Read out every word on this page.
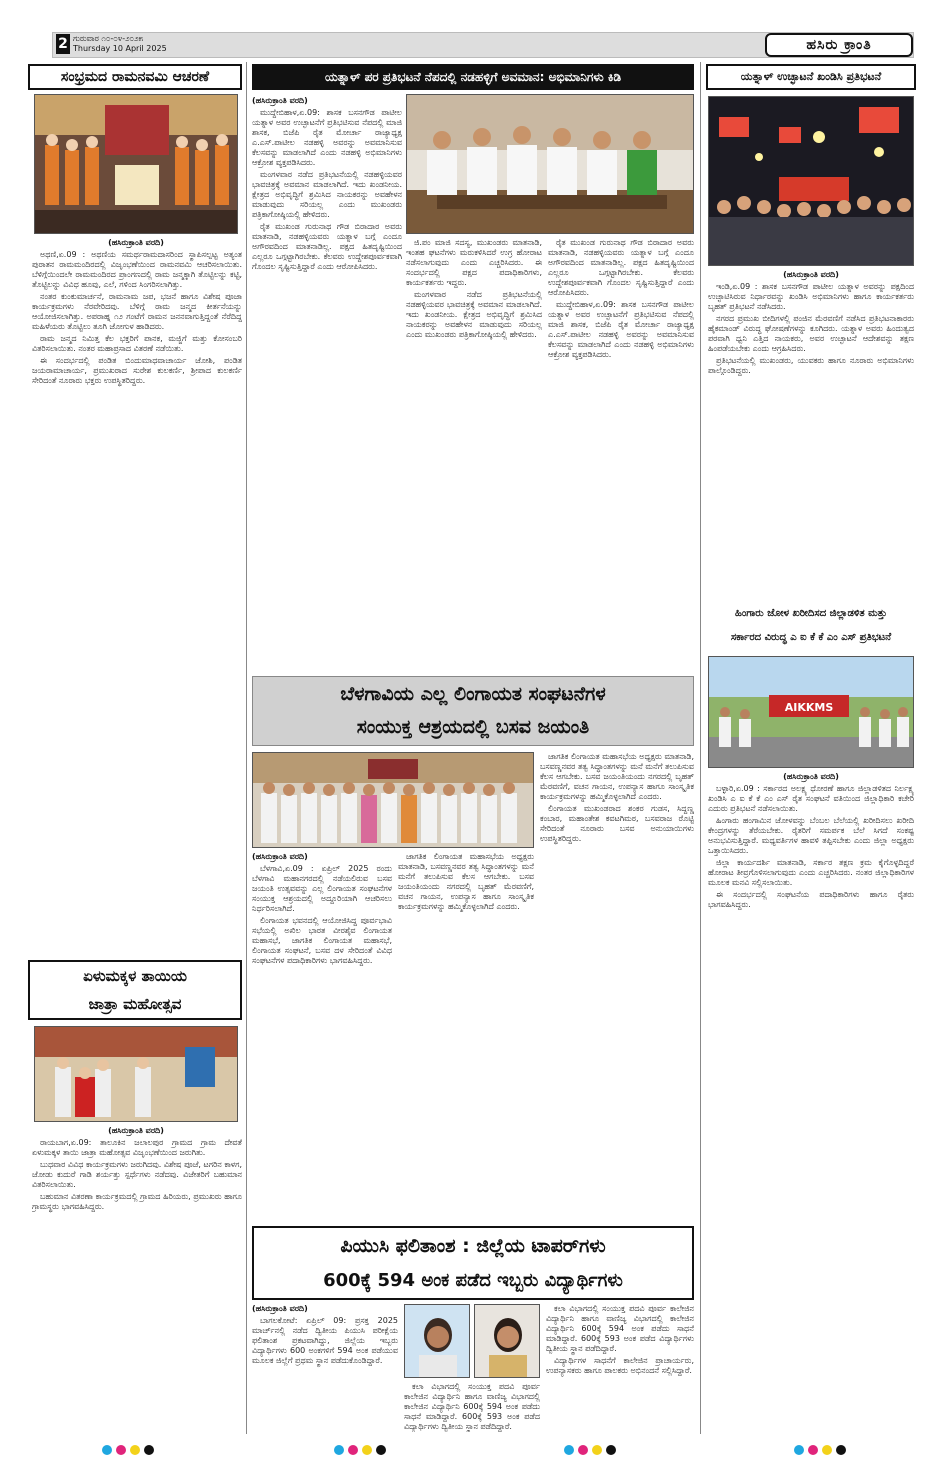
2 ಗುರುವಾರ ೧೦-೦೪-೨೦೨೫
Thursday 10 April 2025	ಹಸಿರು ಕ್ರಾಂತಿ
ಸಂಭ್ರಮದ ರಾಮನವಮಿ ಆಚರಣೆ
(ಹಸಿರುಕ್ರಾಂತಿ ವರದಿ)

ಅಥಣಿ,ಏ.09 : ಅಥಣಿಯ ಸಮರ್ಥರಾಮದಾಸರಿಂದ ಸ್ಥಾಪಿಸಲ್ಪಟ್ಟ ಅತ್ಯಂತ ಪುರಾತನ ರಾಮಮಂದಿರದಲ್ಲಿ ವಿಜೃಂಭಣೆಯಿಂದ ರಾಮನವಮಿ ಆಚರಿಸಲಾಯಿತು. ಬೆಳಿಗ್ಗೆಯಿಂದಲೇ ರಾಮಮಂದಿರದ ಪ್ರಾಂಗಣದಲ್ಲಿ ರಾಮ ಜನ್ಮಕ್ಕಾಗಿ ತೊಟ್ಟಿಲನ್ನು ಕಟ್ಟಿ, ತೊಟ್ಟಿಲನ್ನು ವಿವಿಧ ಹೂವು, ಎಲೆ, ಗಳಿಂದ ಸಿಂಗರಿಸಲಾಗಿತ್ತು.

ನಂತರ ಕುಂಕುಮಾರ್ಚನೆ, ರಾಮನಾಮ ಜಪ, ಭಜನೆ ಹಾಗೂ ವಿಶೇಷ ಪೂಜಾ ಕಾರ್ಯಕ್ರಮಗಳು ನೆರವೇರಿದವು. ಬೆಳಿಗ್ಗೆ ರಾಮ ಜನ್ಮದ ಕೀರ್ತನೆಯನ್ನು ಆಯೋಜಿಸಲಾಗಿತ್ತು. ಅಪರಾಹ್ನ ೧೨ ಗಂಟೆಗೆ ರಾಮನ ಜನನವಾಗುತ್ತಿದ್ದಂತೆ ನೆರೆದಿದ್ದ ಮಹಿಳೆಯರು ತೊಟ್ಟಿಲು ತೂಗಿ ಜೋಗುಳ ಹಾಡಿದರು.

ರಾಮ ಜನ್ಮದ ನಿಮಿತ್ತ ಕೆಲ ಭಕ್ತರಿಗೆ ಪಾನಕ, ಮಜ್ಜಿಗೆ ಮತ್ತು ಕೋಸಂಬರಿ ವಿತರಿಸಲಾಯಿತು. ನಂತರ ಮಹಾಪ್ರಸಾದ ವಿತರಣೆ ನಡೆಯಿತು.

ಈ ಸಂದರ್ಭದಲ್ಲಿ ಪಂಡಿತ ಬಿಂದುಮಾಧವಾಚಾರ್ಯ ಜೋಶಿ, ಪಂಡಿತ ಜಯರಾಮಾಚಾರ್ಯ, ಪ್ರಮುಖರಾದ ಸುರೇಶ ಕುಲಕರ್ಣಿ, ಶ್ರೀಪಾದ ಕುಲಕರ್ಣಿ ಸೇರಿದಂತೆ ನೂರಾರು ಭಕ್ತರು ಉಪಸ್ಥಿತರಿದ್ದರು.

ಏಳುಮಕ್ಕಳ ತಾಯಿಯ
ಜಾತ್ರಾ ಮಹೋತ್ಸವ
(ಹಸಿರುಕ್ರಾಂತಿ ವರದಿ)

ರಾಯಬಾಗ,ಏ.09: ತಾಲೂಕಿನ ಜಲಾಲಪುರ ಗ್ರಾಮದ ಗ್ರಾಮ ದೇವತೆ ಏಳುಮಕ್ಕಳ ತಾಯಿ ಜಾತ್ರಾ ಮಹೋತ್ಸವ ವಿಜೃಂಭಣೆಯಿಂದ ಜರುಗಿತು.

ಬುಧವಾರ ವಿವಿಧ ಕಾರ್ಯಕ್ರಮಗಳು ಜರುಗಿದವು. ವಿಶೇಷ ಪೂಜೆ, ಟಗರಿನ ಕಾಳಗ, ಜೋಡು ಕುದುರೆ ಗಾಡಿ ಶರ್ಯತ್ತು ಸ್ಪರ್ಧೆಗಳು ನಡೆದವು. ವಿಜೇತರಿಗೆ ಬಹುಮಾನ ವಿತರಿಸಲಾಯಿತು.

ಬಹುಮಾನ ವಿತರಣಾ ಕಾರ್ಯಕ್ರಮದಲ್ಲಿ ಗ್ರಾಮದ ಹಿರಿಯರು, ಪ್ರಮುಖರು ಹಾಗೂ ಗ್ರಾಮಸ್ಥರು ಭಾಗವಹಿಸಿದ್ದರು.

ಯತ್ನಾಳ್ ಪರ ಪ್ರತಿಭಟನೆ ನೆಪದಲ್ಲಿ ನಡಹಳ್ಳಿಗೆ ಅವಮಾನ: ಅಭಿಮಾನಿಗಳು ಕಿಡಿ
(ಹಸಿರುಕ್ರಾಂತಿ ವರದಿ)

ಮುದ್ದೇಬಿಹಾಳ,ಏ.09: ಶಾಸಕ ಬಸನಗೌಡ ಪಾಟೀಲ ಯತ್ನಾಳ ಅವರ ಉಚ್ಛಾಟನೆಗೆ ಪ್ರತಿಭಟಿಸುವ ನೆಪದಲ್ಲಿ ಮಾಜಿ ಶಾಸಕ, ಬಿಜೆಪಿ ರೈತ ಮೋರ್ಚಾ ರಾಜ್ಯಾಧ್ಯಕ್ಷ ಎ.ಎಸ್.ಪಾಟೀಲ ನಡಹಳ್ಳಿ ಅವರನ್ನು ಅವಮಾನಿಸುವ ಕೆಲಸವನ್ನು ಮಾಡಲಾಗಿದೆ ಎಂದು ನಡಹಳ್ಳಿ ಅಭಿಮಾನಿಗಳು ಆಕ್ರೋಶ ವ್ಯಕ್ತಪಡಿಸಿದರು.

ಮಂಗಳವಾರ ನಡೆದ ಪ್ರತಿಭಟನೆಯಲ್ಲಿ ನಡಹಳ್ಳಿಯವರ ಭಾವಚಿತ್ರಕ್ಕೆ ಅವಮಾನ ಮಾಡಲಾಗಿದೆ. ಇದು ಖಂಡನೀಯ. ಕ್ಷೇತ್ರದ ಅಭಿವೃದ್ಧಿಗೆ ಶ್ರಮಿಸಿದ ನಾಯಕರನ್ನು ಅವಹೇಳನ ಮಾಡುವುದು ಸರಿಯಲ್ಲ ಎಂದು ಮುಖಂಡರು ಪತ್ರಿಕಾಗೋಷ್ಠಿಯಲ್ಲಿ ಹೇಳಿದರು.

ರೈತ ಮುಖಂಡ ಗುರುನಾಥ ಗೌಡ ಬಿರಾದಾರ ಅವರು ಮಾತನಾಡಿ, ನಡಹಳ್ಳಿಯವರು ಯತ್ನಾಳ ಬಗ್ಗೆ ಎಂದೂ ಅಗೌರವದಿಂದ ಮಾತನಾಡಿಲ್ಲ. ಪಕ್ಷದ ಹಿತದೃಷ್ಟಿಯಿಂದ ಎಲ್ಲರೂ ಒಗ್ಗಟ್ಟಾಗಿರಬೇಕು. ಕೆಲವರು ಉದ್ದೇಶಪೂರ್ವಕವಾಗಿ ಗೊಂದಲ ಸೃಷ್ಟಿಸುತ್ತಿದ್ದಾರೆ ಎಂದು ಆರೋಪಿಸಿದರು.

ಜಿ.ಪಂ ಮಾಜಿ ಸದಸ್ಯ, ಮುಖಂಡರು ಮಾತನಾಡಿ, ಇಂತಹ ಘಟನೆಗಳು ಮರುಕಳಿಸಿದರೆ ಉಗ್ರ ಹೋರಾಟ ನಡೆಸಲಾಗುವುದು ಎಂದು ಎಚ್ಚರಿಸಿದರು. ಈ ಸಂದರ್ಭದಲ್ಲಿ ಪಕ್ಷದ ಪದಾಧಿಕಾರಿಗಳು, ಕಾರ್ಯಕರ್ತರು ಇದ್ದರು.

ಮಂಗಳವಾರ ನಡೆದ ಪ್ರತಿಭಟನೆಯಲ್ಲಿ ನಡಹಳ್ಳಿಯವರ ಭಾವಚಿತ್ರಕ್ಕೆ ಅವಮಾನ ಮಾಡಲಾಗಿದೆ. ಇದು ಖಂಡನೀಯ. ಕ್ಷೇತ್ರದ ಅಭಿವೃದ್ಧಿಗೆ ಶ್ರಮಿಸಿದ ನಾಯಕರನ್ನು ಅವಹೇಳನ ಮಾಡುವುದು ಸರಿಯಲ್ಲ ಎಂದು ಮುಖಂಡರು ಪತ್ರಿಕಾಗೋಷ್ಠಿಯಲ್ಲಿ ಹೇಳಿದರು.

ರೈತ ಮುಖಂಡ ಗುರುನಾಥ ಗೌಡ ಬಿರಾದಾರ ಅವರು ಮಾತನಾಡಿ, ನಡಹಳ್ಳಿಯವರು ಯತ್ನಾಳ ಬಗ್ಗೆ ಎಂದೂ ಅಗೌರವದಿಂದ ಮಾತನಾಡಿಲ್ಲ. ಪಕ್ಷದ ಹಿತದೃಷ್ಟಿಯಿಂದ ಎಲ್ಲರೂ ಒಗ್ಗಟ್ಟಾಗಿರಬೇಕು. ಕೆಲವರು ಉದ್ದೇಶಪೂರ್ವಕವಾಗಿ ಗೊಂದಲ ಸೃಷ್ಟಿಸುತ್ತಿದ್ದಾರೆ ಎಂದು ಆರೋಪಿಸಿದರು.

ಮುದ್ದೇಬಿಹಾಳ,ಏ.09: ಶಾಸಕ ಬಸನಗೌಡ ಪಾಟೀಲ ಯತ್ನಾಳ ಅವರ ಉಚ್ಛಾಟನೆಗೆ ಪ್ರತಿಭಟಿಸುವ ನೆಪದಲ್ಲಿ ಮಾಜಿ ಶಾಸಕ, ಬಿಜೆಪಿ ರೈತ ಮೋರ್ಚಾ ರಾಜ್ಯಾಧ್ಯಕ್ಷ ಎ.ಎಸ್.ಪಾಟೀಲ ನಡಹಳ್ಳಿ ಅವರನ್ನು ಅವಮಾನಿಸುವ ಕೆಲಸವನ್ನು ಮಾಡಲಾಗಿದೆ ಎಂದು ನಡಹಳ್ಳಿ ಅಭಿಮಾನಿಗಳು ಆಕ್ರೋಶ ವ್ಯಕ್ತಪಡಿಸಿದರು.

ಬೆಳಗಾವಿಯ ಎಲ್ಲ ಲಿಂಗಾಯತ ಸಂಘಟನೆಗಳ
ಸಂಯುಕ್ತ ಆಶ್ರಯದಲ್ಲಿ ಬಸವ ಜಯಂತಿ
(ಹಸಿರುಕ್ರಾಂತಿ ವರದಿ)

ಬೆಳಗಾವಿ,ಏ.09 : ಏಪ್ರಿಲ್ 2025 ರಂದು ಬೆಳಗಾವಿ ಮಹಾನಗರದಲ್ಲಿ ನಡೆಯಲಿರುವ ಬಸವ ಜಯಂತಿ ಉತ್ಸವವನ್ನು ಎಲ್ಲ ಲಿಂಗಾಯತ ಸಂಘಟನೆಗಳ ಸಂಯುಕ್ತ ಆಶ್ರಯದಲ್ಲಿ ಅದ್ದೂರಿಯಾಗಿ ಆಚರಿಸಲು ನಿರ್ಧರಿಸಲಾಗಿದೆ.

ಲಿಂಗಾಯತ ಭವನದಲ್ಲಿ ಆಯೋಜಿಸಿದ್ದ ಪೂರ್ವಭಾವಿ ಸಭೆಯಲ್ಲಿ ಅಖಿಲ ಭಾರತ ವೀರಶೈವ ಲಿಂಗಾಯತ ಮಹಾಸಭೆ, ಜಾಗತಿಕ ಲಿಂಗಾಯತ ಮಹಾಸಭೆ, ಲಿಂಗಾಯತ ಸಂಘಟನೆ, ಬಸವ ದಳ ಸೇರಿದಂತೆ ವಿವಿಧ ಸಂಘಟನೆಗಳ ಪದಾಧಿಕಾರಿಗಳು ಭಾಗವಹಿಸಿದ್ದರು.

ಜಾಗತಿಕ ಲಿಂಗಾಯತ ಮಹಾಸಭೆಯ ಅಧ್ಯಕ್ಷರು ಮಾತನಾಡಿ, ಬಸವಣ್ಣನವರ ತತ್ವ ಸಿದ್ಧಾಂತಗಳನ್ನು ಮನೆ ಮನೆಗೆ ತಲುಪಿಸುವ ಕೆಲಸ ಆಗಬೇಕು. ಬಸವ ಜಯಂತಿಯಂದು ನಗರದಲ್ಲಿ ಬೃಹತ್ ಮೆರವಣಿಗೆ, ವಚನ ಗಾಯನ, ಉಪನ್ಯಾಸ ಹಾಗೂ ಸಾಂಸ್ಕೃತಿಕ ಕಾರ್ಯಕ್ರಮಗಳನ್ನು ಹಮ್ಮಿಕೊಳ್ಳಲಾಗಿದೆ ಎಂದರು.

ಜಾಗತಿಕ ಲಿಂಗಾಯತ ಮಹಾಸಭೆಯ ಅಧ್ಯಕ್ಷರು ಮಾತನಾಡಿ, ಬಸವಣ್ಣನವರ ತತ್ವ ಸಿದ್ಧಾಂತಗಳನ್ನು ಮನೆ ಮನೆಗೆ ತಲುಪಿಸುವ ಕೆಲಸ ಆಗಬೇಕು. ಬಸವ ಜಯಂತಿಯಂದು ನಗರದಲ್ಲಿ ಬೃಹತ್ ಮೆರವಣಿಗೆ, ವಚನ ಗಾಯನ, ಉಪನ್ಯಾಸ ಹಾಗೂ ಸಾಂಸ್ಕೃತಿಕ ಕಾರ್ಯಕ್ರಮಗಳನ್ನು ಹಮ್ಮಿಕೊಳ್ಳಲಾಗಿದೆ ಎಂದರು.

ಲಿಂಗಾಯತ ಮುಖಂಡರಾದ ಶಂಕರ ಗುಡಸ, ಸಿದ್ದಣ್ಣ ಕಂಬಾರ, ಮಹಾಂತೇಶ ಕವಟಗಿಮಠ, ಬಸವರಾಜ ರೊಟ್ಟಿ ಸೇರಿದಂತೆ ನೂರಾರು ಬಸವ ಅನುಯಾಯಿಗಳು ಉಪಸ್ಥಿತರಿದ್ದರು.

ಪಿಯುಸಿ ಫಲಿತಾಂಶ : ಜಿಲ್ಲೆಯ ಟಾಪರ್‌ಗಳು
600ಕ್ಕೆ 594 ಅಂಕ ಪಡೆದ ಇಬ್ಬರು ವಿದ್ಯಾರ್ಥಿಗಳು
(ಹಸಿರುಕ್ರಾಂತಿ ವರದಿ)

ಬಾಗಲಕೋಟೆ: ಏಪ್ರಿಲ್ 09: ಪ್ರಸಕ್ತ 2025 ಮಾರ್ಚ್‌ನಲ್ಲಿ ನಡೆದ ದ್ವಿತೀಯ ಪಿಯುಸಿ ಪರೀಕ್ಷೆಯ ಫಲಿತಾಂಶ ಪ್ರಕಟವಾಗಿದ್ದು, ಜಿಲ್ಲೆಯ ಇಬ್ಬರು ವಿದ್ಯಾರ್ಥಿಗಳು 600 ಅಂಕಗಳಿಗೆ 594 ಅಂಕ ಪಡೆಯುವ ಮೂಲಕ ಜಿಲ್ಲೆಗೆ ಪ್ರಥಮ ಸ್ಥಾನ ಪಡೆದುಕೊಂಡಿದ್ದಾರೆ.

ಕಲಾ ವಿಭಾಗದಲ್ಲಿ ಸಂಯುಕ್ತ ಪದವಿ ಪೂರ್ವ ಕಾಲೇಜಿನ ವಿದ್ಯಾರ್ಥಿನಿ ಹಾಗೂ ವಾಣಿಜ್ಯ ವಿಭಾಗದಲ್ಲಿ ಕಾಲೇಜಿನ ವಿದ್ಯಾರ್ಥಿನಿ 600ಕ್ಕೆ 594 ಅಂಕ ಪಡೆದು ಸಾಧನೆ ಮಾಡಿದ್ದಾರೆ. 600ಕ್ಕೆ 593 ಅಂಕ ಪಡೆದ ವಿದ್ಯಾರ್ಥಿಗಳು ದ್ವಿತೀಯ ಸ್ಥಾನ ಪಡೆದಿದ್ದಾರೆ.

ಕಲಾ ವಿಭಾಗದಲ್ಲಿ ಸಂಯುಕ್ತ ಪದವಿ ಪೂರ್ವ ಕಾಲೇಜಿನ ವಿದ್ಯಾರ್ಥಿನಿ ಹಾಗೂ ವಾಣಿಜ್ಯ ವಿಭಾಗದಲ್ಲಿ ಕಾಲೇಜಿನ ವಿದ್ಯಾರ್ಥಿನಿ 600ಕ್ಕೆ 594 ಅಂಕ ಪಡೆದು ಸಾಧನೆ ಮಾಡಿದ್ದಾರೆ. 600ಕ್ಕೆ 593 ಅಂಕ ಪಡೆದ ವಿದ್ಯಾರ್ಥಿಗಳು ದ್ವಿತೀಯ ಸ್ಥಾನ ಪಡೆದಿದ್ದಾರೆ.

ವಿದ್ಯಾರ್ಥಿಗಳ ಸಾಧನೆಗೆ ಕಾಲೇಜಿನ ಪ್ರಾಚಾರ್ಯರು, ಉಪನ್ಯಾಸಕರು ಹಾಗೂ ಪಾಲಕರು ಅಭಿನಂದನೆ ಸಲ್ಲಿಸಿದ್ದಾರೆ.

ಯತ್ನಾಳ್ ಉಚ್ಛಾಟನೆ ಖಂಡಿಸಿ ಪ್ರತಿಭಟನೆ
(ಹಸಿರುಕ್ರಾಂತಿ ವರದಿ)

ಇಂಡಿ,ಏ.09 : ಶಾಸಕ ಬಸನಗೌಡ ಪಾಟೀಲ ಯತ್ನಾಳ ಅವರನ್ನು ಪಕ್ಷದಿಂದ ಉಚ್ಛಾಟಿಸಿರುವ ನಿರ್ಧಾರವನ್ನು ಖಂಡಿಸಿ ಅಭಿಮಾನಿಗಳು ಹಾಗೂ ಕಾರ್ಯಕರ್ತರು ಬೃಹತ್ ಪ್ರತಿಭಟನೆ ನಡೆಸಿದರು.

ನಗರದ ಪ್ರಮುಖ ಬೀದಿಗಳಲ್ಲಿ ಪಂಜಿನ ಮೆರವಣಿಗೆ ನಡೆಸಿದ ಪ್ರತಿಭಟನಾಕಾರರು ಹೈಕಮಾಂಡ್ ವಿರುದ್ಧ ಘೋಷಣೆಗಳನ್ನು ಕೂಗಿದರು. ಯತ್ನಾಳ ಅವರು ಹಿಂದುತ್ವದ ಪರವಾಗಿ ಧ್ವನಿ ಎತ್ತಿದ ನಾಯಕರು, ಅವರ ಉಚ್ಛಾಟನೆ ಆದೇಶವನ್ನು ತಕ್ಷಣ ಹಿಂಪಡೆಯಬೇಕು ಎಂದು ಆಗ್ರಹಿಸಿದರು.

ಪ್ರತಿಭಟನೆಯಲ್ಲಿ ಮುಖಂಡರು, ಯುವಕರು ಹಾಗೂ ನೂರಾರು ಅಭಿಮಾನಿಗಳು ಪಾಲ್ಗೊಂಡಿದ್ದರು.

ಹಿಂಗಾರು ಜೋಳ ಖರೀದಿಸದ ಜಿಲ್ಲಾಡಳಿತ ಮತ್ತು
ಸರ್ಕಾರದ ವಿರುದ್ಧ ಎ ಐ ಕೆ ಕೆ ಎಂ ಎಸ್ ಪ್ರತಿಭಟನೆ
AIKKMS
(ಹಸಿರುಕ್ರಾಂತಿ ವರದಿ)

ಬಳ್ಳಾರಿ,ಏ.09 : ಸರ್ಕಾರದ ಅಲಕ್ಷ್ಯ ಧೋರಣೆ ಹಾಗೂ ಜಿಲ್ಲಾಡಳಿತದ ನಿರ್ಲಕ್ಷ್ಯ ಖಂಡಿಸಿ ಎ ಐ ಕೆ ಕೆ ಎಂ ಎಸ್ ರೈತ ಸಂಘಟನೆ ವತಿಯಿಂದ ಜಿಲ್ಲಾಧಿಕಾರಿ ಕಚೇರಿ ಎದುರು ಪ್ರತಿಭಟನೆ ನಡೆಸಲಾಯಿತು.

ಹಿಂಗಾರು ಹಂಗಾಮಿನ ಜೋಳವನ್ನು ಬೆಂಬಲ ಬೆಲೆಯಲ್ಲಿ ಖರೀದಿಸಲು ಖರೀದಿ ಕೇಂದ್ರಗಳನ್ನು ತೆರೆಯಬೇಕು. ರೈತರಿಗೆ ಸಮರ್ಪಕ ಬೆಲೆ ಸಿಗದೆ ಸಂಕಷ್ಟ ಅನುಭವಿಸುತ್ತಿದ್ದಾರೆ. ಮಧ್ಯವರ್ತಿಗಳ ಹಾವಳಿ ತಪ್ಪಿಸಬೇಕು ಎಂದು ಜಿಲ್ಲಾ ಅಧ್ಯಕ್ಷರು ಒತ್ತಾಯಿಸಿದರು.

ಜಿಲ್ಲಾ ಕಾರ್ಯದರ್ಶಿ ಮಾತನಾಡಿ, ಸರ್ಕಾರ ತಕ್ಷಣ ಕ್ರಮ ಕೈಗೊಳ್ಳದಿದ್ದರೆ ಹೋರಾಟ ತೀವ್ರಗೊಳಿಸಲಾಗುವುದು ಎಂದು ಎಚ್ಚರಿಸಿದರು. ನಂತರ ಜಿಲ್ಲಾಧಿಕಾರಿಗಳ ಮೂಲಕ ಮನವಿ ಸಲ್ಲಿಸಲಾಯಿತು.

ಈ ಸಂದರ್ಭದಲ್ಲಿ ಸಂಘಟನೆಯ ಪದಾಧಿಕಾರಿಗಳು ಹಾಗೂ ರೈತರು ಭಾಗವಹಿಸಿದ್ದರು.
